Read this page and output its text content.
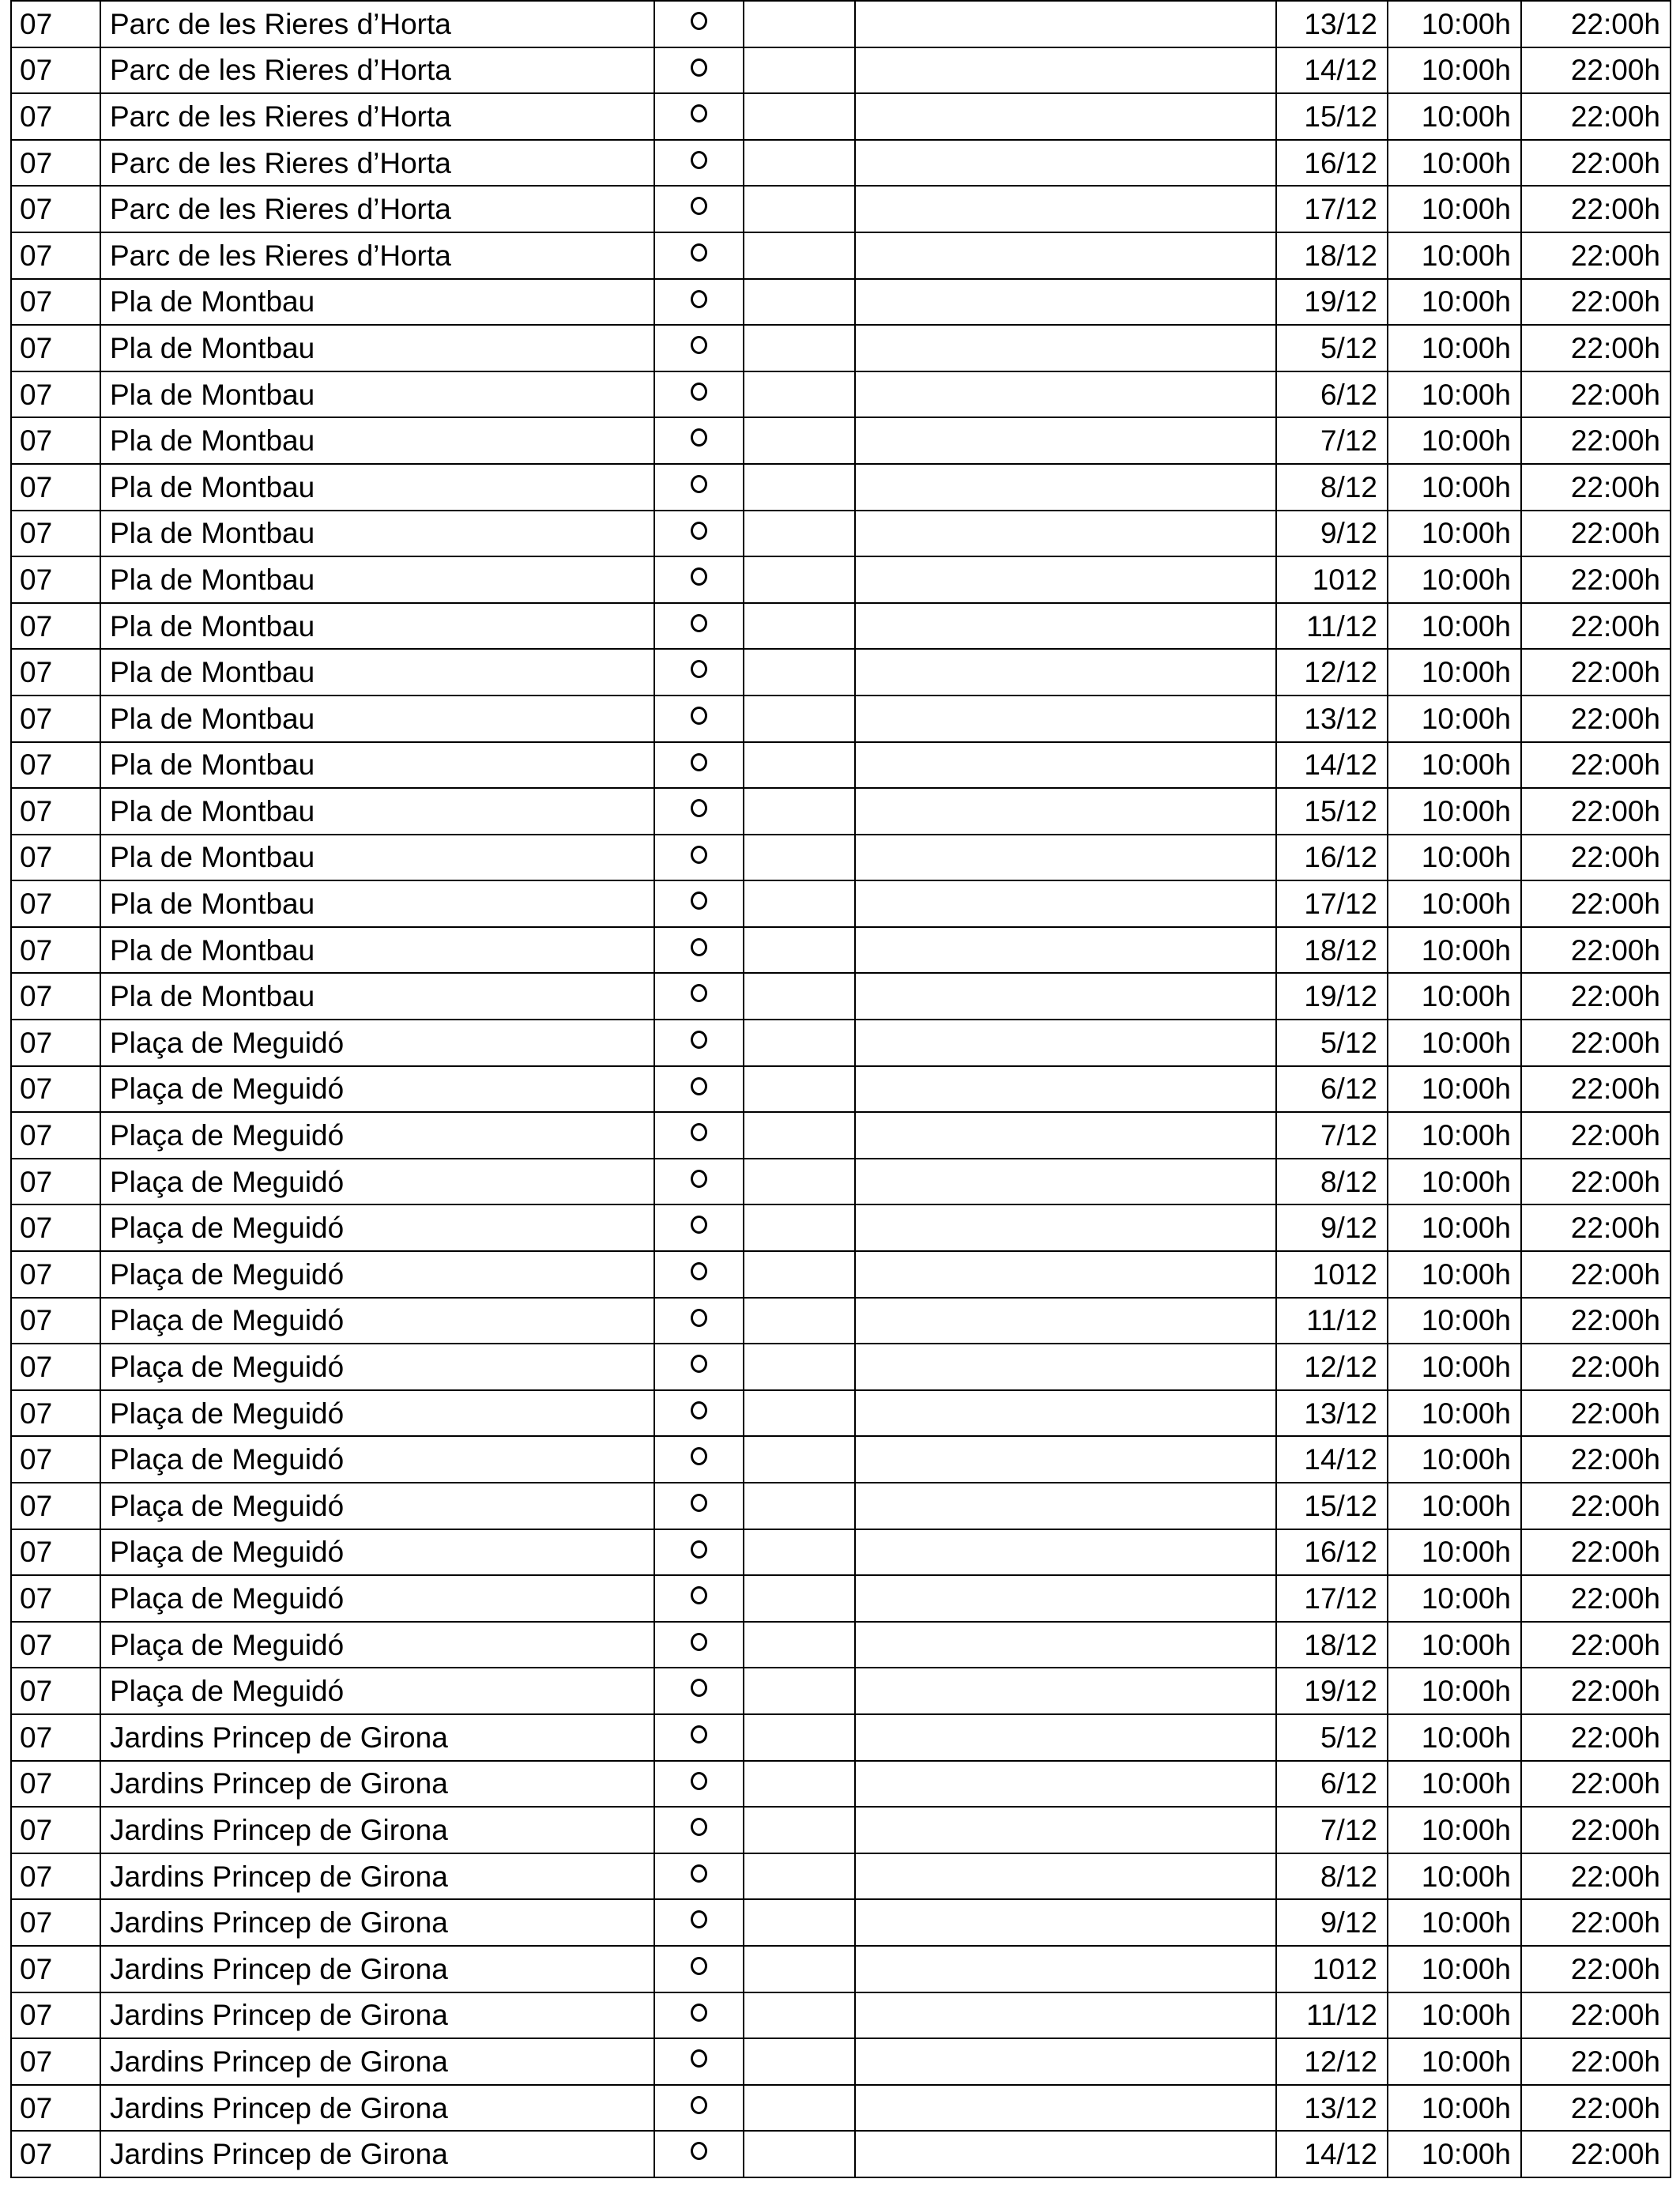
07	Parc de les Rieres d’Horta				13/12	10:00h	22:00h
07	Parc de les Rieres d’Horta				14/12	10:00h	22:00h
07	Parc de les Rieres d’Horta				15/12	10:00h	22:00h
07	Parc de les Rieres d’Horta				16/12	10:00h	22:00h
07	Parc de les Rieres d’Horta				17/12	10:00h	22:00h
07	Parc de les Rieres d’Horta				18/12	10:00h	22:00h
07	Pla de Montbau				19/12	10:00h	22:00h
07	Pla de Montbau				5/12	10:00h	22:00h
07	Pla de Montbau				6/12	10:00h	22:00h
07	Pla de Montbau				7/12	10:00h	22:00h
07	Pla de Montbau				8/12	10:00h	22:00h
07	Pla de Montbau				9/12	10:00h	22:00h
07	Pla de Montbau				1012	10:00h	22:00h
07	Pla de Montbau				11/12	10:00h	22:00h
07	Pla de Montbau				12/12	10:00h	22:00h
07	Pla de Montbau				13/12	10:00h	22:00h
07	Pla de Montbau				14/12	10:00h	22:00h
07	Pla de Montbau				15/12	10:00h	22:00h
07	Pla de Montbau				16/12	10:00h	22:00h
07	Pla de Montbau				17/12	10:00h	22:00h
07	Pla de Montbau				18/12	10:00h	22:00h
07	Pla de Montbau				19/12	10:00h	22:00h
07	Plaça de Meguidó				5/12	10:00h	22:00h
07	Plaça de Meguidó				6/12	10:00h	22:00h
07	Plaça de Meguidó				7/12	10:00h	22:00h
07	Plaça de Meguidó				8/12	10:00h	22:00h
07	Plaça de Meguidó				9/12	10:00h	22:00h
07	Plaça de Meguidó				1012	10:00h	22:00h
07	Plaça de Meguidó				11/12	10:00h	22:00h
07	Plaça de Meguidó				12/12	10:00h	22:00h
07	Plaça de Meguidó				13/12	10:00h	22:00h
07	Plaça de Meguidó				14/12	10:00h	22:00h
07	Plaça de Meguidó				15/12	10:00h	22:00h
07	Plaça de Meguidó				16/12	10:00h	22:00h
07	Plaça de Meguidó				17/12	10:00h	22:00h
07	Plaça de Meguidó				18/12	10:00h	22:00h
07	Plaça de Meguidó				19/12	10:00h	22:00h
07	Jardins Princep de Girona				5/12	10:00h	22:00h
07	Jardins Princep de Girona				6/12	10:00h	22:00h
07	Jardins Princep de Girona				7/12	10:00h	22:00h
07	Jardins Princep de Girona				8/12	10:00h	22:00h
07	Jardins Princep de Girona				9/12	10:00h	22:00h
07	Jardins Princep de Girona				1012	10:00h	22:00h
07	Jardins Princep de Girona				11/12	10:00h	22:00h
07	Jardins Princep de Girona				12/12	10:00h	22:00h
07	Jardins Princep de Girona				13/12	10:00h	22:00h
07	Jardins Princep de Girona				14/12	10:00h	22:00h
